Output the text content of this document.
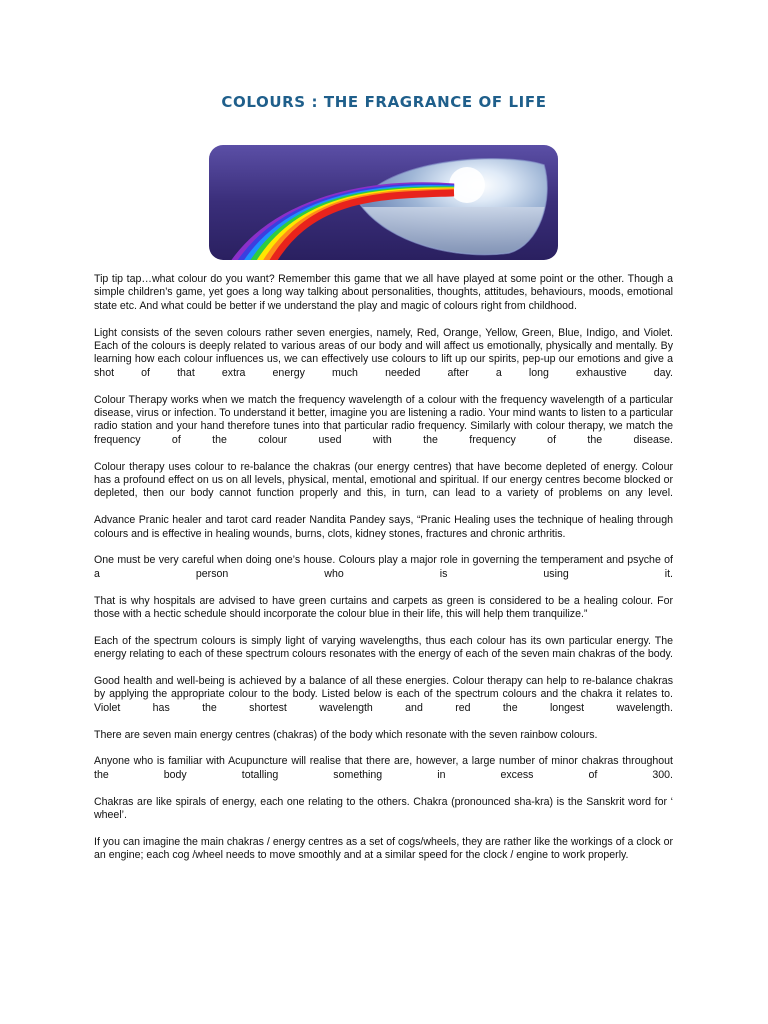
COLOURS : THE FRAGRANCE OF LIFE

Tip tip tap…what colour do you want? Remember this game that we all have played at some point or the other. Though a simple children’s game, yet goes a long way talking about personalities, thoughts, attitudes, behaviours, moods, emotional state etc. And what could be better if we understand the play and magic of colours right from childhood.

Light consists of the seven colours rather seven energies, namely, Red, Orange, Yellow, Green, Blue, Indigo, and Violet. Each of the colours is deeply related to various areas of our body and will affect us emotionally, physically and mentally. By learning how each colour influences us, we can effectively use colours to lift up our spirits, pep-up our emotions and give a shot of that extra energy much needed after a long exhaustive day.

Colour Therapy works when we match the frequency wavelength of a colour with the frequency wavelength of a particular disease, virus or infection. To understand it better, imagine you are listening a radio. Your mind wants to listen to a particular radio station and your hand therefore tunes into that particular radio frequency. Similarly with colour therapy, we match the frequency of the colour used with the frequency of the disease.

Colour therapy uses colour to re-balance the chakras (our energy centres) that have become depleted of energy. Colour has a profound effect on us on all levels, physical, mental, emotional and spiritual. If our energy centres become blocked or depleted, then our body cannot function properly and this, in turn, can lead to a variety of problems on any level.

Advance Pranic healer and tarot card reader Nandita Pandey says, “Pranic Healing uses the technique of healing through colours and is effective in healing wounds, burns, clots, kidney stones, fractures and chronic arthritis.

One must be very careful when doing one’s house. Colours play a major role in governing the temperament and psyche of a person who is using it.

That is why hospitals are advised to have green curtains and carpets as green is considered to be a healing colour. For those with a hectic schedule should incorporate the colour blue in their life, this will help them tranquilize.”

Each of the spectrum colours is simply light of varying wavelengths, thus each colour has its own particular energy. The energy relating to each of these spectrum colours resonates with the energy of each of the seven main chakras of the body.

Good health and well-being is achieved by a balance of all these energies. Colour therapy can help to re-balance chakras by applying the appropriate colour to the body. Listed below is each of the spectrum colours and the chakra it relates to. Violet has the shortest wavelength and red the longest wavelength.

There are seven main energy centres (chakras) of the body which resonate with the seven rainbow colours.

Anyone who is familiar with Acupuncture will realise that there are, however, a large number of minor chakras throughout the body totalling something in excess of 300.

Chakras are like spirals of energy, each one relating to the others. Chakra (pronounced sha-kra) is the Sanskrit word for ‘ wheel’.

If you can imagine the main chakras / energy centres as a set of cogs/wheels, they are rather like the workings of a clock or an engine; each cog /wheel needs to move smoothly and at a similar speed for the clock / engine to work properly.
